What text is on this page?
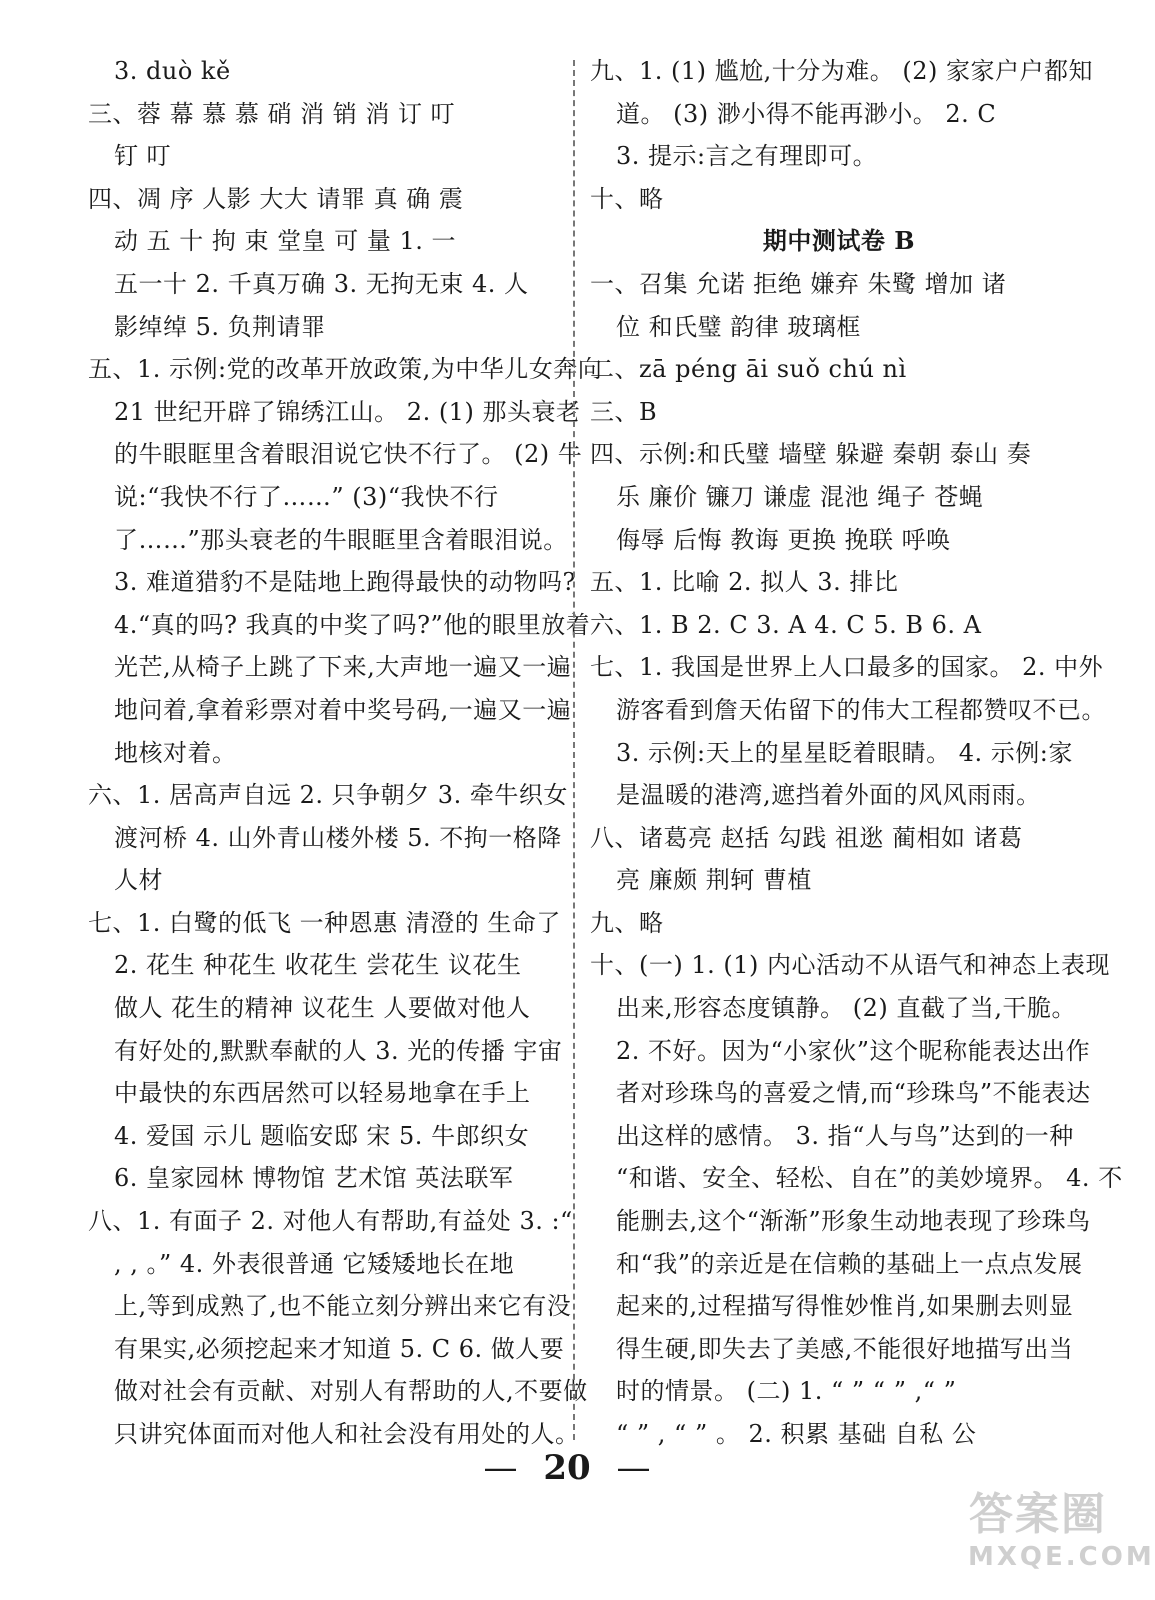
3. duò kě
三、蓉 幕 慕 慕 硝 消 销 消 订 叮
钉 叮
四、凋 序 人影 大大 请罪 真 确 震
动 五 十 拘 束 堂皇 可 量 1. 一
五一十 2. 千真万确 3. 无拘无束 4. 人
影绰绰 5. 负荆请罪
五、1. 示例:党的改革开放政策,为中华儿女奔向
21 世纪开辟了锦绣江山。 2. (1) 那头衰老
的牛眼眶里含着眼泪说它快不行了。 (2) 牛
说:“我快不行了……” (3)“我快不行
了……”那头衰老的牛眼眶里含着眼泪说。
3. 难道猎豹不是陆地上跑得最快的动物吗?
4.“真的吗? 我真的中奖了吗?”他的眼里放着
光芒,从椅子上跳了下来,大声地一遍又一遍
地问着,拿着彩票对着中奖号码,一遍又一遍
地核对着。
六、1. 居高声自远 2. 只争朝夕 3. 牵牛织女
渡河桥 4. 山外青山楼外楼 5. 不拘一格降
人材
七、1. 白鹭的低飞 一种恩惠 清澄的 生命了
2. 花生 种花生 收花生 尝花生 议花生
做人 花生的精神 议花生 人要做对他人
有好处的,默默奉献的人 3. 光的传播 宇宙
中最快的东西居然可以轻易地拿在手上
4. 爱国 示儿 题临安邸 宋 5. 牛郎织女
6. 皇家园林 博物馆 艺术馆 英法联军
八、1. 有面子 2. 对他人有帮助,有益处 3. :“
, , 。” 4. 外表很普通 它矮矮地长在地
上,等到成熟了,也不能立刻分辨出来它有没
有果实,必须挖起来才知道 5. C 6. 做人要
做对社会有贡献、对别人有帮助的人,不要做
只讲究体面而对他人和社会没有用处的人。
九、1. (1) 尴尬,十分为难。 (2) 家家户户都知
道。 (3) 渺小得不能再渺小。 2. C
3. 提示:言之有理即可。
十、略
期中测试卷 B
一、召集 允诺 拒绝 嫌弃 朱鹭 增加 诸
位 和氏璧 韵律 玻璃框
二、zā péng āi suǒ chú nì
三、B
四、示例:和氏璧 墙壁 躲避 秦朝 泰山 奏
乐 廉价 镰刀 谦虚 混池 绳子 苍蝇
侮辱 后悔 教诲 更换 挽联 呼唤
五、1. 比喻 2. 拟人 3. 排比
六、1. B 2. C 3. A 4. C 5. B 6. A
七、1. 我国是世界上人口最多的国家。 2. 中外
游客看到詹天佑留下的伟大工程都赞叹不已。
3. 示例:天上的星星眨着眼睛。 4. 示例:家
是温暖的港湾,遮挡着外面的风风雨雨。
八、诸葛亮 赵括 勾践 祖逖 蔺相如 诸葛
亮 廉颇 荆轲 曹植
九、略
十、(一) 1. (1) 内心活动不从语气和神态上表现
出来,形容态度镇静。 (2) 直截了当,干脆。
2. 不好。因为“小家伙”这个昵称能表达出作
者对珍珠鸟的喜爱之情,而“珍珠鸟”不能表达
出这样的感情。 3. 指“人与鸟”达到的一种
“和谐、安全、轻松、自在”的美妙境界。 4. 不
能删去,这个“渐渐”形象生动地表现了珍珠鸟
和“我”的亲近是在信赖的基础上一点点发展
起来的,过程描写得惟妙惟肖,如果删去则显
得生硬,即失去了美感,不能很好地描写出当
时的情景。 (二) 1. “ ” “ ” ,“ ”
“ ” , “ ” 。 2. 积累 基础 自私 公
— 20 —
答案圈
MXQE.COM
